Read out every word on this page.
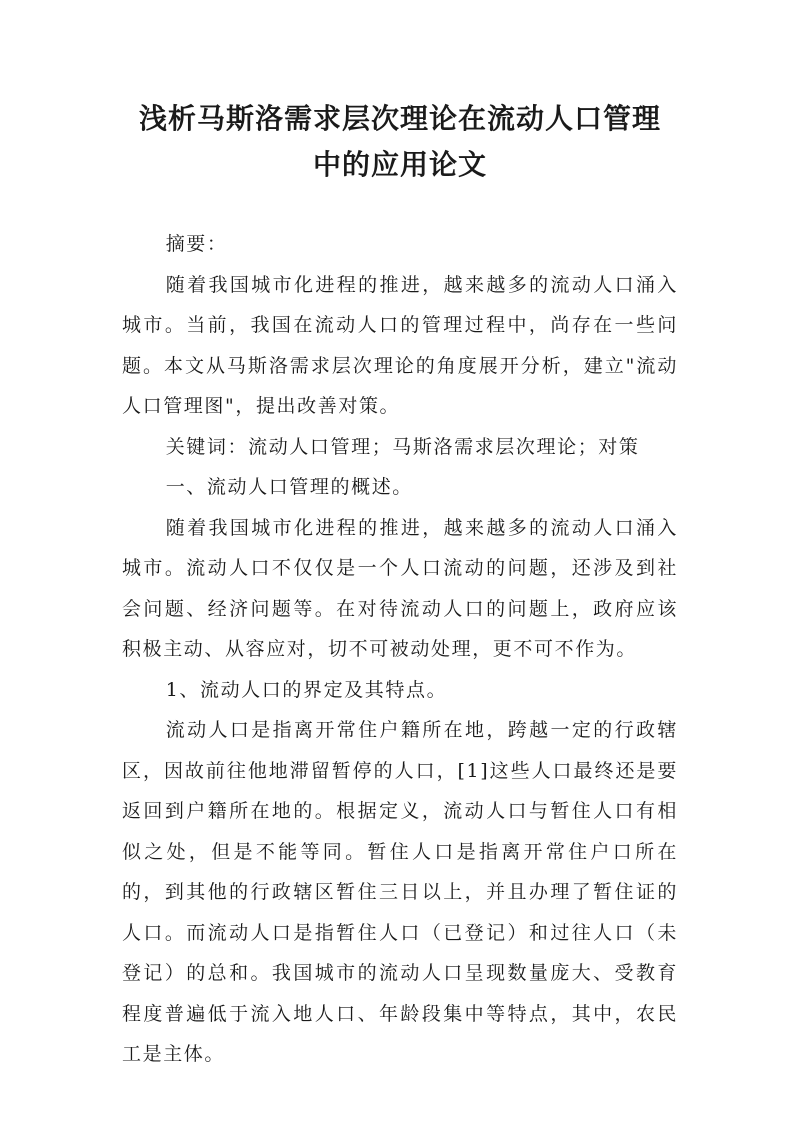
浅析马斯洛需求层次理论在流动人口管理
中的应用论文

摘要：

随着我国城市化进程的推进，越来越多的流动人口涌入城市。当前，我国在流动人口的管理过程中，尚存在一些问题。本文从马斯洛需求层次理论的角度展开分析，建立"流动人口管理图"，提出改善对策。

关键词：流动人口管理；马斯洛需求层次理论；对策

一、流动人口管理的概述。

随着我国城市化进程的推进，越来越多的流动人口涌入城市。流动人口不仅仅是一个人口流动的问题，还涉及到社会问题、经济问题等。在对待流动人口的问题上，政府应该积极主动、从容应对，切不可被动处理，更不可不作为。

1、流动人口的界定及其特点。

流动人口是指离开常住户籍所在地，跨越一定的行政辖区，因故前往他地滞留暂停的人口，[1]这些人口最终还是要返回到户籍所在地的。根据定义，流动人口与暂住人口有相似之处，但是不能等同。暂住人口是指离开常住户口所在的，到其他的行政辖区暂住三日以上，并且办理了暂住证的人口。而流动人口是指暂住人口（已登记）和过往人口（未登记）的总和。我国城市的流动人口呈现数量庞大、受教育程度普遍低于流入地人口、年龄段集中等特点，其中，农民工是主体。
